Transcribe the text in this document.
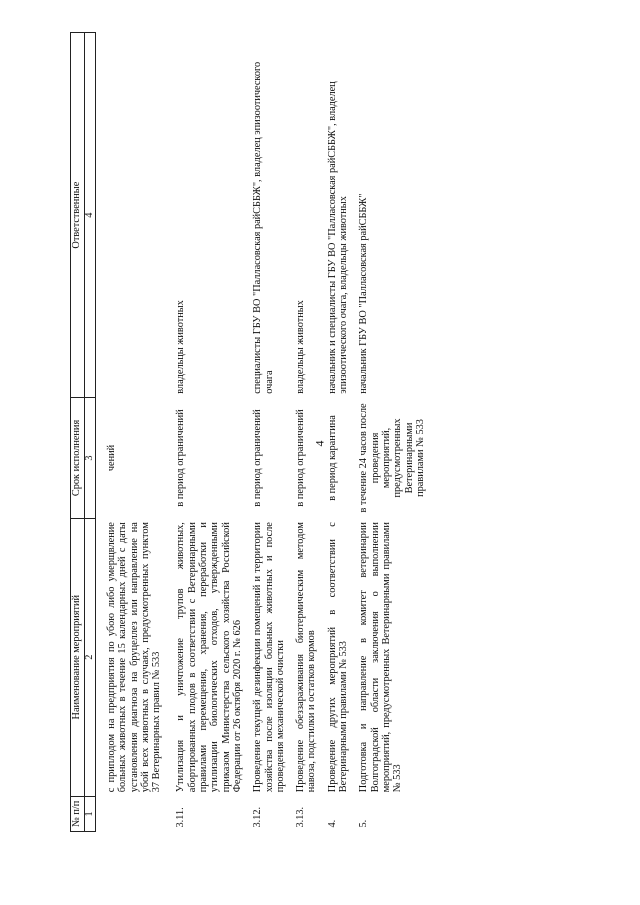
4
№ п/п	Наименование мероприятий	Срок исполнения	Ответственные
1	2	3	4
	с приплодом на предприятия по убою либо умерщвление больных животных в течение 15 календарных дней с даты установления диагноза на бруцеллез или направление на убой всех животных в случаях, предусмотренных пунктом 37 Ветеринарных правил № 533	чений	
3.11.	Утилизация и уничтожение трупов животных, абортированных плодов в соответствии с Ветеринарными правилами перемещения, хранения, переработки и утилизации биологических отходов, утвержденными приказом Министерства сельского хозяйства Российской Федерации от 26 октября 2020 г. № 626	в период ограничений	владельцы животных
3.12.	Проведение текущей дезинфекции помещений и территории хозяйства после изоляции больных животных и после проведения механической очистки	в период ограничений	специалисты ГБУ ВО "Палласовская райСББЖ", владелец эпизоотического очага
3.13.	Проведение обеззараживания биотермическим методом навоза, подстилки и остатков кормов	в период ограничений	владельцы животных
4.	Проведение других мероприятий в соответствии с Ветеринарными правилами № 533	в период карантина	начальник и специалисты ГБУ ВО "Палласовская райСББЖ", владелец эпизоотического очага, владельцы животных
5.	Подготовка и направление в комитет ветеринарии Волгоградской области заключения о выполнении мероприятий, предусмотренных Ветеринарными правилами № 533	в течение 24 часов после проведения мероприятий, предусмотренных Ветеринарными правилами № 533	начальник ГБУ ВО "Палласовская райСББЖ"
